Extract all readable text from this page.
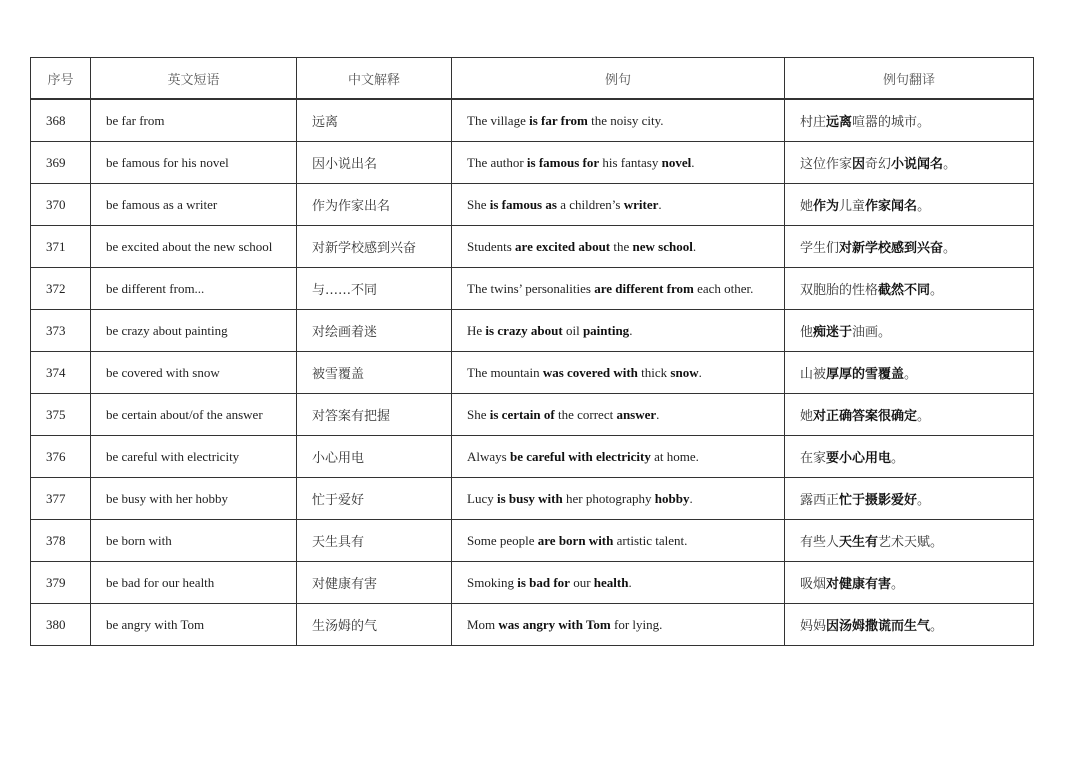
序号	英文短语	中文解释	例句	例句翻译
368	be far from	远离	The village is far from the noisy city.	村庄远离喧嚣的城市。
369	be famous for his novel	因小说出名	The author is famous for his fantasy novel.	这位作家因奇幻小说闻名。
370	be famous as a writer	作为作家出名	She is famous as a children’s writer.	她作为儿童作家闻名。
371	be excited about the new school	对新学校感到兴奋	Students are excited about the new school.	学生们对新学校感到兴奋。
372	be different from...	与……不同	The twins’ personalities are different from each other.	双胞胎的性格截然不同。
373	be crazy about painting	对绘画着迷	He is crazy about oil painting.	他痴迷于油画。
374	be covered with snow	被雪覆盖	The mountain was covered with thick snow.	山被厚厚的雪覆盖。
375	be certain about/of the answer	对答案有把握	She is certain of the correct answer.	她对正确答案很确定。
376	be careful with electricity	小心用电	Always be careful with electricity at home.	在家要小心用电。
377	be busy with her hobby	忙于爱好	Lucy is busy with her photography hobby.	露西正忙于摄影爱好。
378	be born with	天生具有	Some people are born with artistic talent.	有些人天生有艺术天赋。
379	be bad for our health	对健康有害	Smoking is bad for our health.	吸烟对健康有害。
380	be angry with Tom	生汤姆的气	Mom was angry with Tom for lying.	妈妈因汤姆撒谎而生气。
